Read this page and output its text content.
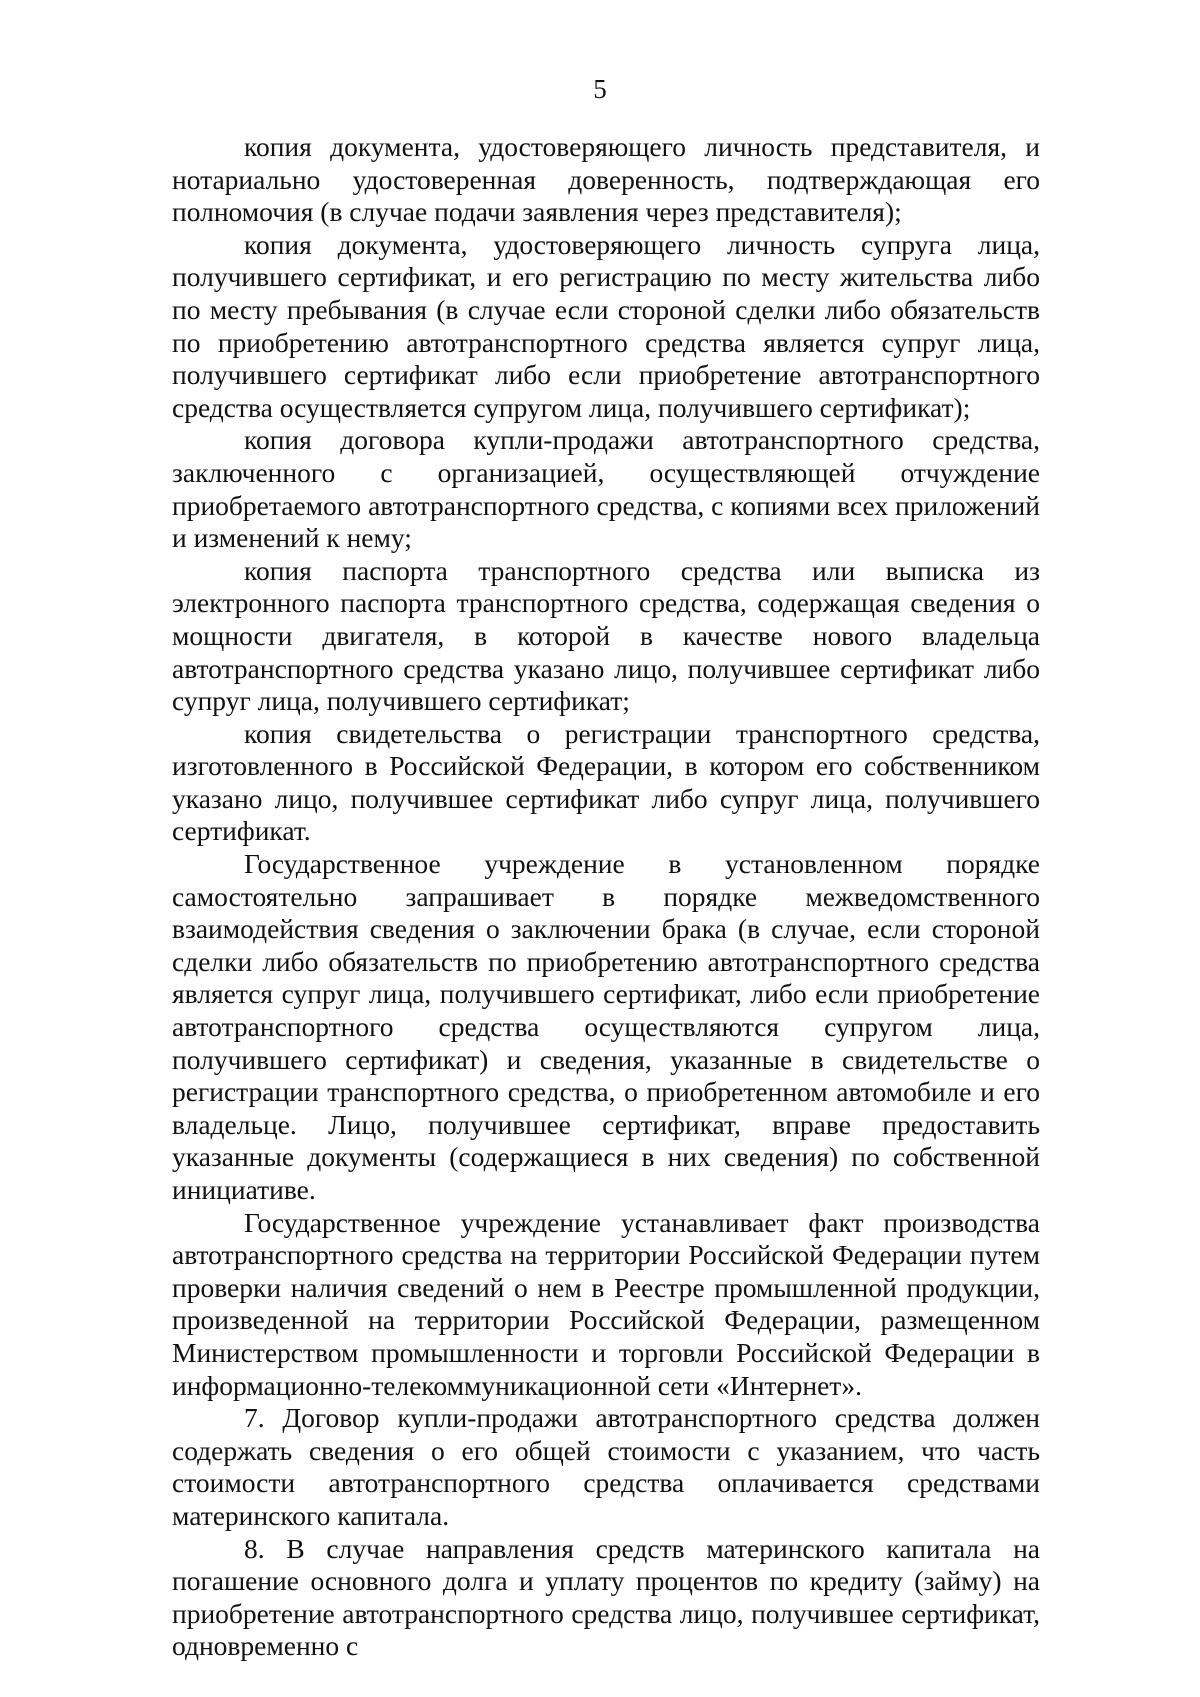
5

копия документа, удостоверяющего личность представителя, и нотариально удостоверенная доверенность, подтверждающая его полномочия (в случае подачи заявления через представителя);

копия документа, удостоверяющего личность супруга лица, получившего сертификат, и его регистрацию по месту жительства либо по месту пребывания (в случае если стороной сделки либо обязательств по приобретению автотранспортного средства является супруг лица, получившего сертификат либо если приобретение автотранспортного средства осуществляется супругом лица, получившего сертификат);

копия договора купли-продажи автотранспортного средства, заключенного с организацией, осуществляющей отчуждение приобретаемого автотранспортного средства, с копиями всех приложений и изменений к нему;

копия паспорта транспортного средства или выписка из электронного паспорта транспортного средства, содержащая сведения о мощности двигателя, в которой в качестве нового владельца автотранспортного средства указано лицо, получившее сертификат либо супруг лица, получившего сертификат;

копия свидетельства о регистрации транспортного средства, изготовленного в Российской Федерации, в котором его собственником указано лицо, получившее сертификат либо супруг лица, получившего сертификат.

Государственное учреждение в установленном порядке самостоятельно запрашивает в порядке межведомственного взаимодействия сведения о заключении брака (в случае, если стороной сделки либо обязательств по приобретению автотранспортного средства является супруг лица, получившего сертификат, либо если приобретение автотранспортного средства осуществляются супругом лица, получившего сертификат) и сведения, указанные в свидетельстве о регистрации транспортного средства, о приобретенном автомобиле и его владельце. Лицо, получившее сертификат, вправе предоставить указанные документы (содержащиеся в них сведения) по собственной инициативе.

Государственное учреждение устанавливает факт производства автотранспортного средства на территории Российской Федерации путем проверки наличия сведений о нем в Реестре промышленной продукции, произведенной на территории Российской Федерации, размещенном Министерством промышленности и торговли Российской Федерации в информационно-телекоммуникационной сети «Интернет».

7. Договор купли-продажи автотранспортного средства должен содержать сведения о его общей стоимости с указанием, что часть стоимости автотранспортного средства оплачивается средствами материнского капитала.

8. В случае направления средств материнского капитала на погашение основного долга и уплату процентов по кредиту (займу) на приобретение автотранспортного средства лицо, получившее сертификат, одновременно с
